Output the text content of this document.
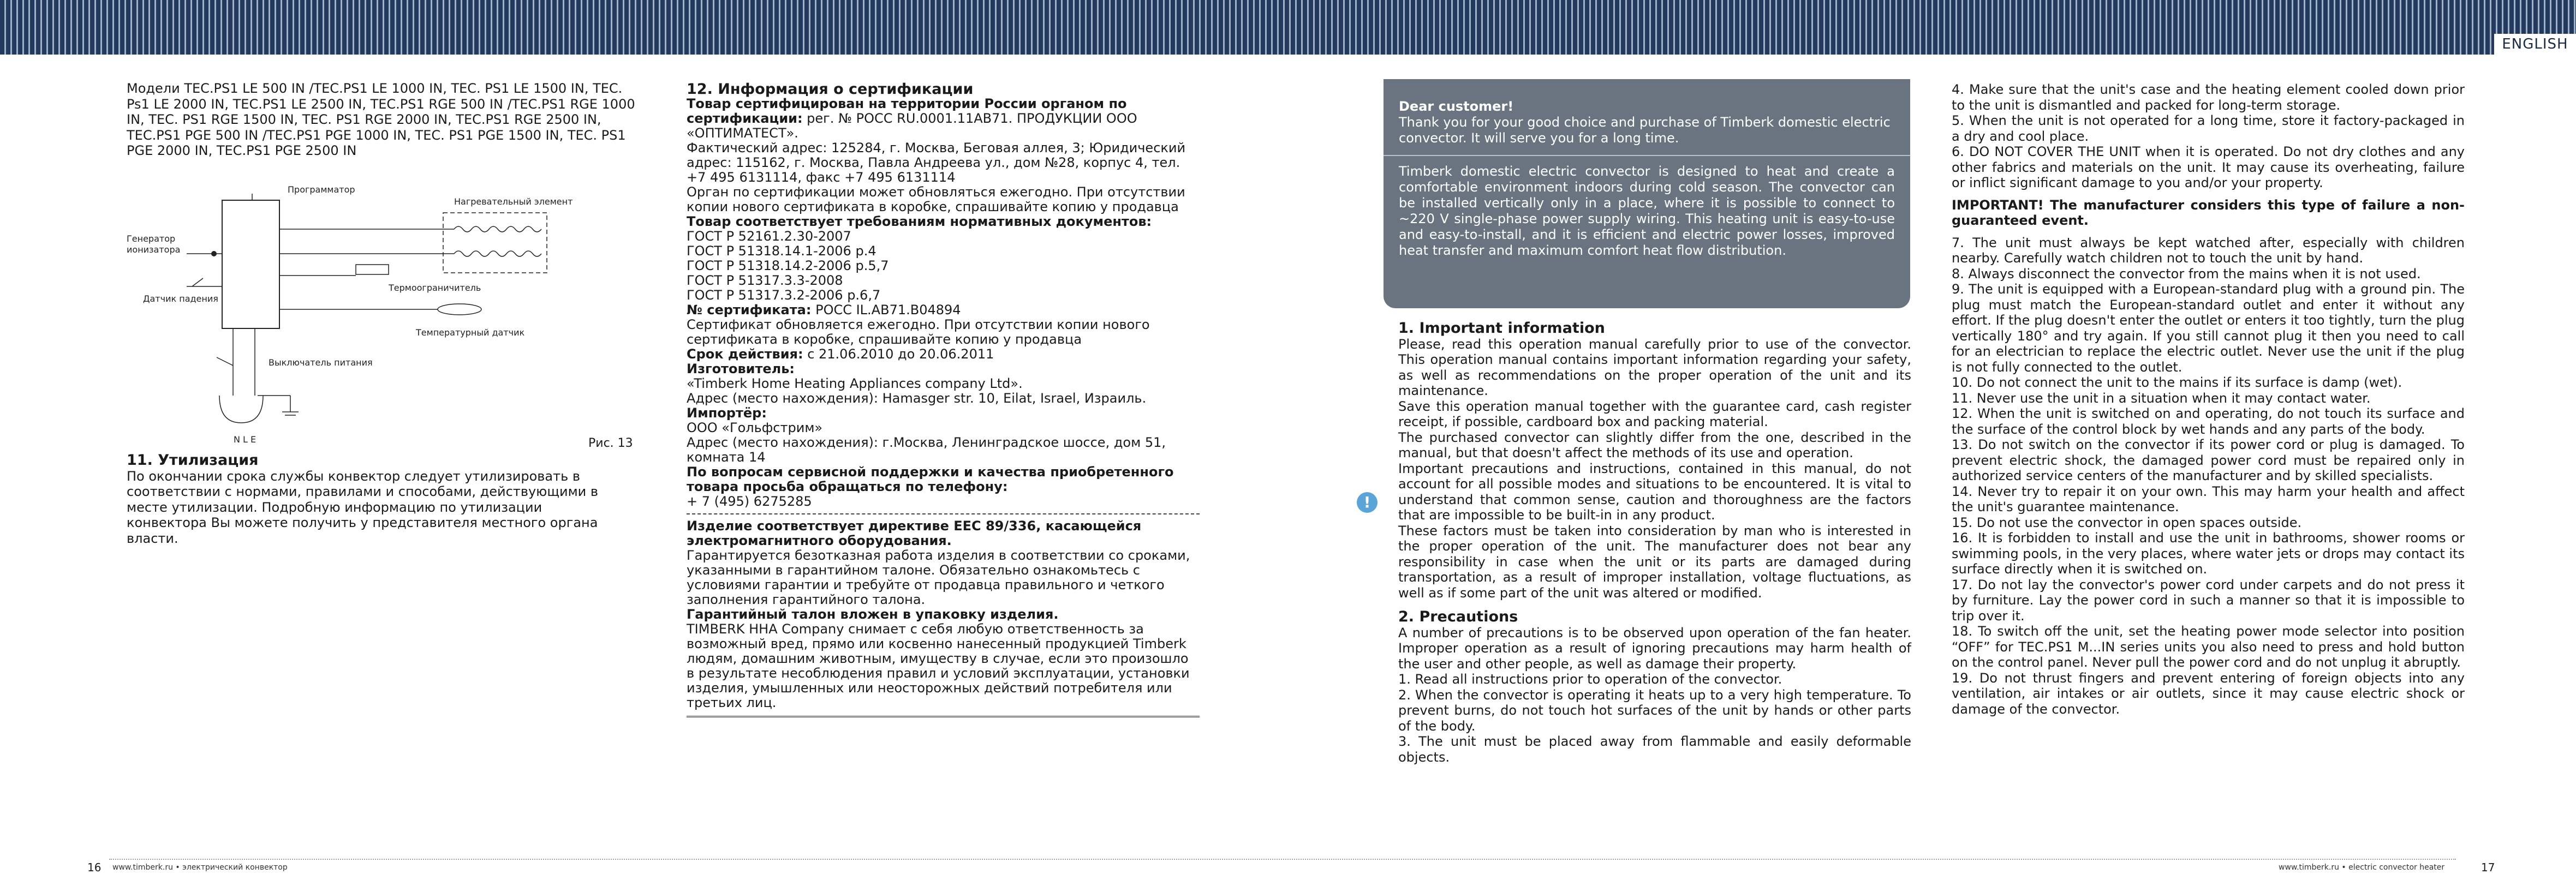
ENGLISH

Модели TEC.PS1 LE 500 IN /TEC.PS1 LE 1000 IN, TEC. PS1 LE 1500 IN, TEC. Ps1 LE 2000 IN, TEC.PS1 LE 2500 IN, TEC.PS1 RGE 500 IN /TEC.PS1 RGE 1000 IN, TEC. PS1 RGE 1500 IN, TEC. PS1 RGE 2000 IN, TEC.PS1 RGE 2500 IN, TEC.PS1 PGE 500 IN /TEC.PS1 PGE 1000 IN, TEC. PS1 PGE 1500 IN, TEC. PS1 PGE 2000 IN, TEC.PS1 PGE 2500 IN

Программатор
Нагревательный элемент
Генератор
ионизатора
Датчик падения
Термоограничитель
Температурный датчик
Выключатель питания
N L E	Рис. 13

11. Утилизация

По окончании срока службы конвектор следует утилизировать в соответствии с нормами, правилами и способами, действующими в месте утилизации. Подробную информацию по утилизации конвектора Вы можете получить у представителя местного органа власти.

12. Информация о сертификации

Товар сертифицирован на территории России органом по сертификации: рег. № РОСС RU.0001.11АВ71. ПРОДУКЦИИ ООО «ОПТИМАТЕСТ».

Фактический адрес: 125284, г. Москва, Беговая аллея, 3; Юридический адрес: 115162, г. Москва, Павла Андреева ул., дом №28, корпус 4, тел. +7 495 6131114, факс +7 495 6131114

Орган по сертификации может обновляться ежегодно. При отсутствии копии нового сертификата в коробке, спрашивайте копию у продавца

Товар соответствует требованиям нормативных документов:

ГОСТ Р 52161.2.30-2007

ГОСТ Р 51318.14.1-2006 р.4

ГОСТ Р 51318.14.2-2006 р.5,7

ГОСТ Р 51317.3.3-2008

ГОСТ Р 51317.3.2-2006 р.6,7

№ сертификата: РОСС IL.АВ71.В04894

Сертификат обновляется ежегодно. При отсутствии копии нового сертификата в коробке, спрашивайте копию у продавца

Срок действия: с 21.06.2010 до 20.06.2011

Изготовитель:

«Timberk Home Heating Appliances company Ltd».

Адрес (место нахождения): Hamasger str. 10, Eilat, Israel, Израиль.

Импортёр:

ООО «Гольфстрим»

Адрес (место нахождения): г.Москва, Ленинградское шоссе, дом 51, комната 14

По вопросам сервисной поддержки и качества приобретенного товара просьба обращаться по телефону:

+ 7 (495) 6275285

Изделие соответствует директиве ЕЕС 89/336, касающейся электромагнитного оборудования.

Гарантируется безотказная работа изделия в соответствии со сроками, указанными в гарантийном талоне. Обязательно ознакомьтесь с условиями гарантии и требуйте от продавца правильного и четкого заполнения гарантийного талона.

Гарантийный талон вложен в упаковку изделия.

TIMBERK HHA Company снимает с себя любую ответственность за возможный вред, прямо или косвенно нанесенный продукцией Timberk людям, домашним животным, имуществу в случае, если это произошло в результате несоблюдения правил и условий эксплуатации, установки изделия, умышленных или неосторожных действий потребителя или третьих лиц.

Dear customer!

Thank you for your good choice and purchase of Timberk domestic electric convector. It will serve you for a long time.

Timberk domestic electric convector is designed to heat and create a comfortable environment indoors during cold season. The convector can be installed vertically only in a place, where it is possible to connect to ~220 V single-phase power supply wiring. This heating unit is easy-to-use and easy-to-install, and it is efficient and electric power losses, improved heat transfer and maximum comfort heat flow distribution.

1. Important information

Please, read this operation manual carefully prior to use of the convector. This operation manual contains important information regarding your safety, as well as recommendations on the proper operation of the unit and its maintenance.

Save this operation manual together with the guarantee card, cash register receipt, if possible, cardboard box and packing material.

The purchased convector can slightly differ from the one, described in the manual, but that doesn't affect the methods of its use and operation.

Important precautions and instructions, contained in this manual, do not account for all possible modes and situations to be encountered. It is vital to understand that common sense, caution and thoroughness are the factors that are impossible to be built-in in any product.

These factors must be taken into consideration by man who is interested in the proper operation of the unit. The manufacturer does not bear any responsibility in case when the unit or its parts are damaged during transportation, as a result of improper installation, voltage fluctuations, as well as if some part of the unit was altered or modified.

2. Precautions

A number of precautions is to be observed upon operation of the fan heater. Improper operation as a result of ignoring precautions may harm health of the user and other people, as well as damage their property.

1. Read all instructions prior to operation of the convector.

2. When the convector is operating it heats up to a very high temperature. To prevent burns, do not touch hot surfaces of the unit by hands or other parts of the body.

3. The unit must be placed away from flammable and easily deformable objects.

!

4. Make sure that the unit's case and the heating element cooled down prior to the unit is dismantled and packed for long-term storage.

5. When the unit is not operated for a long time, store it factory-packaged in a dry and cool place.

6. DO NOT COVER THE UNIT when it is operated. Do not dry clothes and any other fabrics and materials on the unit. It may cause its overheating, failure or inflict significant damage to you and/or your property.

IMPORTANT! The manufacturer considers this type of failure a non-guaranteed event.

7. The unit must always be kept watched after, especially with children nearby. Carefully watch children not to touch the unit by hand.

8. Always disconnect the convector from the mains when it is not used.

9. The unit is equipped with a European-standard plug with a ground pin. The plug must match the European-standard outlet and enter it without any effort. If the plug doesn't enter the outlet or enters it too tightly, turn the plug vertically 180° and try again. If you still cannot plug it then you need to call for an electrician to replace the electric outlet. Never use the unit if the plug is not fully connected to the outlet.

10. Do not connect the unit to the mains if its surface is damp (wet).

11. Never use the unit in a situation when it may contact water.

12. When the unit is switched on and operating, do not touch its surface and the surface of the control block by wet hands and any parts of the body.

13. Do not switch on the convector if its power cord or plug is damaged. To prevent electric shock, the damaged power cord must be repaired only in authorized service centers of the manufacturer and by skilled specialists.

14. Never try to repair it on your own. This may harm your health and affect the unit's guarantee maintenance.

15. Do not use the convector in open spaces outside.

16. It is forbidden to install and use the unit in bathrooms, shower rooms or swimming pools, in the very places, where water jets or drops may contact its surface directly when it is switched on.

17. Do not lay the convector's power cord under carpets and do not press it by furniture. Lay the power cord in such a manner so that it is impossible to trip over it.

18. To switch off the unit, set the heating power mode selector into position “OFF” for TEC.PS1 M...IN series units you also need to press and hold button on the control panel. Never pull the power cord and do not unplug it abruptly.

19. Do not thrust fingers and prevent entering of foreign objects into any ventilation, air intakes or air outlets, since it may cause electric shock or damage of the convector.

16 www.timberk.ru • электрический конвектор	www.timberk.ru • electric convector heater	17
